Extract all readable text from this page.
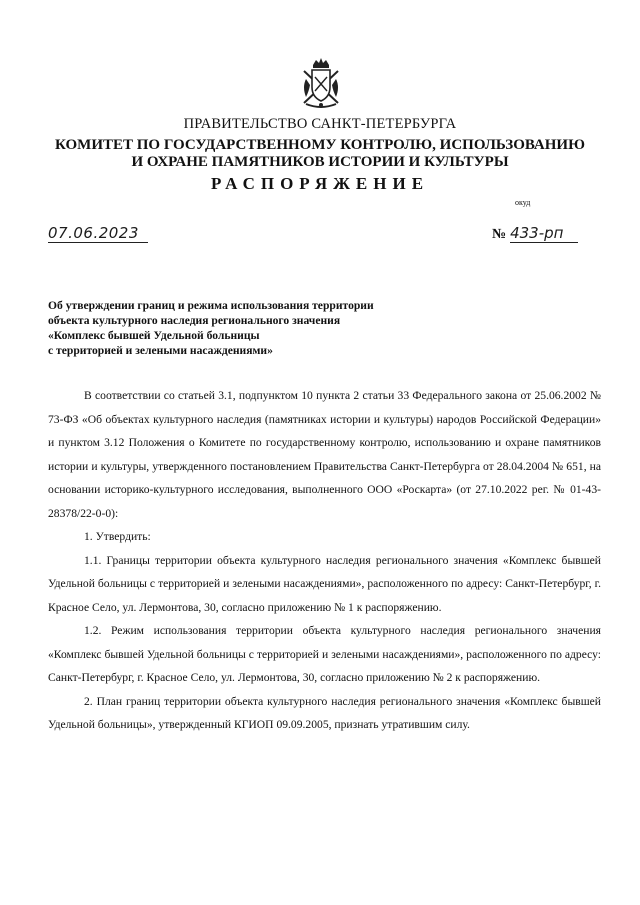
ПРАВИТЕЛЬСТВО САНКТ-ПЕТЕРБУРГА
КОМИТЕТ ПО ГОСУДАРСТВЕННОМУ КОНТРОЛЮ, ИСПОЛЬЗОВАНИЮ
И ОХРАНЕ ПАМЯТНИКОВ ИСТОРИИ И КУЛЬТУРЫ
РАСПОРЯЖЕНИЕ
окуд
07.06.2023	№ 433-рп
Об утверждении границ и режима использования территории
объекта культурного наследия регионального значения
«Комплекс бывшей Удельной больницы
с территорией и зелеными насаждениями»

В соответствии со статьей 3.1, подпунктом 10 пункта 2 статьи 33 Федерального закона от 25.06.2002 № 73-ФЗ «Об объектах культурного наследия (памятниках истории и культуры) народов Российской Федерации» и пунктом 3.12 Положения о Комитете по государственному контролю, использованию и охране памятников истории и культуры, утвержденного постановлением Правительства Санкт-Петербурга от 28.04.2004 № 651, на основании историко-культурного исследования, выполненного ООО «Роскарта» (от 27.10.2022 рег. № 01-43-28378/22-0-0):

1. Утвердить:

1.1. Границы территории объекта культурного наследия регионального значения «Комплекс бывшей Удельной больницы с территорией и зелеными насаждениями», расположенного по адресу: Санкт-Петербург, г. Красное Село, ул. Лермонтова, 30, согласно приложению № 1 к распоряжению.

1.2. Режим использования территории объекта культурного наследия регионального значения «Комплекс бывшей Удельной больницы с территорией и зелеными насаждениями», расположенного по адресу: Санкт-Петербург, г. Красное Село, ул. Лермонтова, 30, согласно приложению № 2 к распоряжению.

2. План границ территории объекта культурного наследия регионального значения «Комплекс бывшей Удельной больницы», утвержденный КГИОП 09.09.2005, признать утратившим силу.
